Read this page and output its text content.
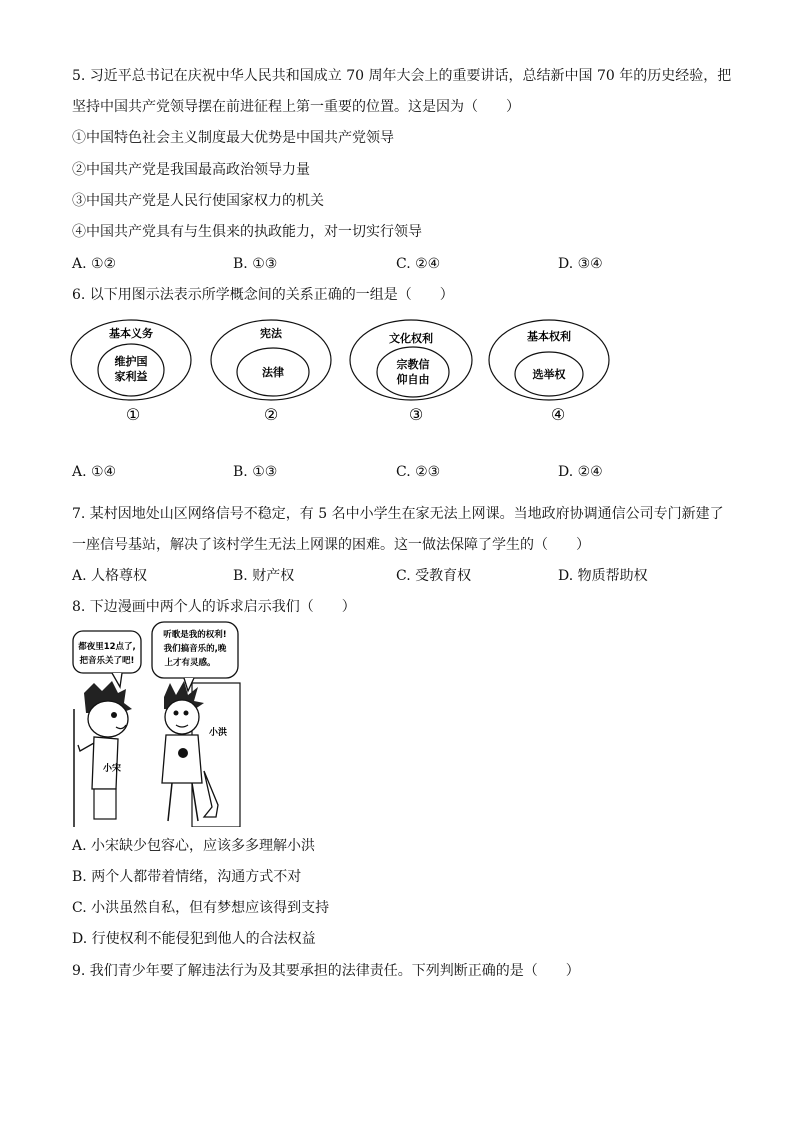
5. 习近平总书记在庆祝中华人民共和国成立 70 周年大会上的重要讲话，总结新中国 70 年的历史经验，把
坚持中国共产党领导摆在前进征程上第一重要的位置。这是因为（　　）
①中国特色社会主义制度最大优势是中国共产党领导
②中国共产党是我国最高政治领导力量
③中国共产党是人民行使国家权力的机关
④中国共产党具有与生俱来的执政能力，对一切实行领导
A. ①②	B. ①③	C. ②④	D. ③④
6. 以下用图示法表示所学概念间的关系正确的一组是（　　）
基本义务
维护国
家利益
①
宪法
法律
②
文化权利
宗教信
仰自由
③
基本权利
选举权
④
A. ①④	B. ①③	C. ②③	D. ②④
7. 某村因地处山区网络信号不稳定，有 5 名中小学生在家无法上网课。当地政府协调通信公司专门新建了
一座信号基站，解决了该村学生无法上网课的困难。这一做法保障了学生的（　　）
A. 人格尊权	B. 财产权	C. 受教育权	D. 物质帮助权
8. 下边漫画中两个人的诉求启示我们（　　）
都夜里12点了,
把音乐关了吧!
听歌是我的权利!
我们搞音乐的,晚
上才有灵感。
小宋
小洪
A. 小宋缺少包容心，应该多多理解小洪
B. 两个人都带着情绪，沟通方式不对
C. 小洪虽然自私，但有梦想应该得到支持
D. 行使权利不能侵犯到他人的合法权益
9. 我们青少年要了解违法行为及其要承担的法律责任。下列判断正确的是（　　）
